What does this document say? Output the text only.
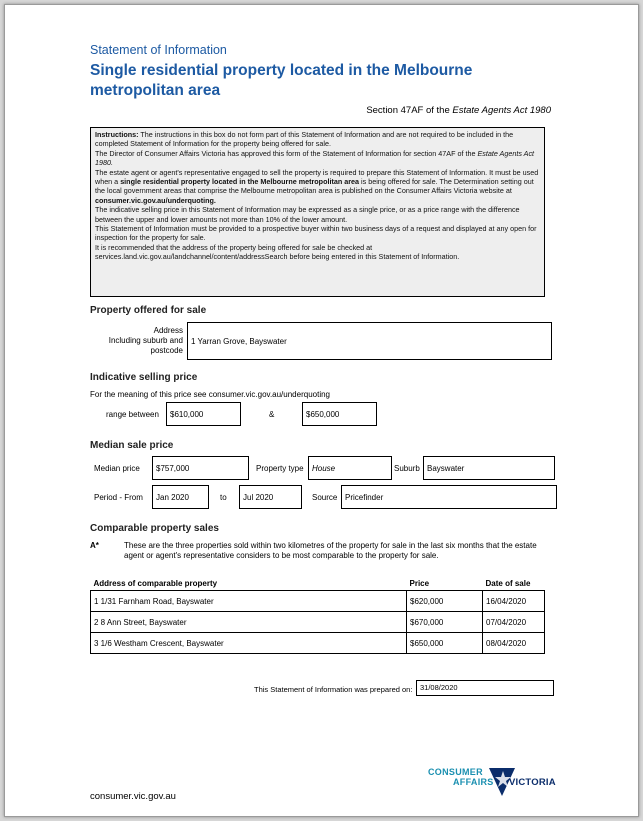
Statement of Information
Single residential property located in the Melbourne
metropolitan area
Section 47AF of the Estate Agents Act 1980

Instructions: The instructions in this box do not form part of this Statement of Information and are not required to be included in the completed Statement of Information for the property being offered for sale.

The Director of Consumer Affairs Victoria has approved this form of the Statement of Information for section 47AF of the Estate Agents Act 1980.

The estate agent or agent's representative engaged to sell the property is required to prepare this Statement of Information. It must be used when a single residential property located in the Melbourne metropolitan area is being offered for sale. The Determination setting out the local government areas that comprise the Melbourne metropolitan area is published on the Consumer Affairs Victoria website at consumer.vic.gov.au/underquoting.

The indicative selling price in this Statement of Information may be expressed as a single price, or as a price range with the difference between the upper and lower amounts not more than 10% of the lower amount.

This Statement of Information must be provided to a prospective buyer within two business days of a request and displayed at any open for inspection for the property for sale.

It is recommended that the address of the property being offered for sale be checked at services.land.vic.gov.au/landchannel/content/addressSearch before being entered in this Statement of Information.

Property offered for sale
Address
Including suburb and
postcode
1 Yarran Grove, Bayswater
Indicative selling price
For the meaning of this price see consumer.vic.gov.au/underquoting
range between	$610,000	&	$650,000
Median sale price
Median price	$757,000	Property type	House	Suburb Bayswater
Period - From	Jan 2020	to	Jul 2020	Source Pricefinder
Comparable property sales
A*	These are the three properties sold within two kilometres of the property for sale in the last six months that the estate agent or agent's representative considers to be most comparable to the property for sale.
Address of comparable property	Price	Date of sale
1 1/31 Farnham Road, Bayswater	$620,000	16/04/2020
2 8 Ann Street, Bayswater	$670,000	07/04/2020
3 1/6 Westham Crescent, Bayswater	$650,000	08/04/2020
This Statement of Information was prepared on:	31/08/2020
consumer.vic.gov.au
CONSUMER
AFFAIRS VICTORIA
